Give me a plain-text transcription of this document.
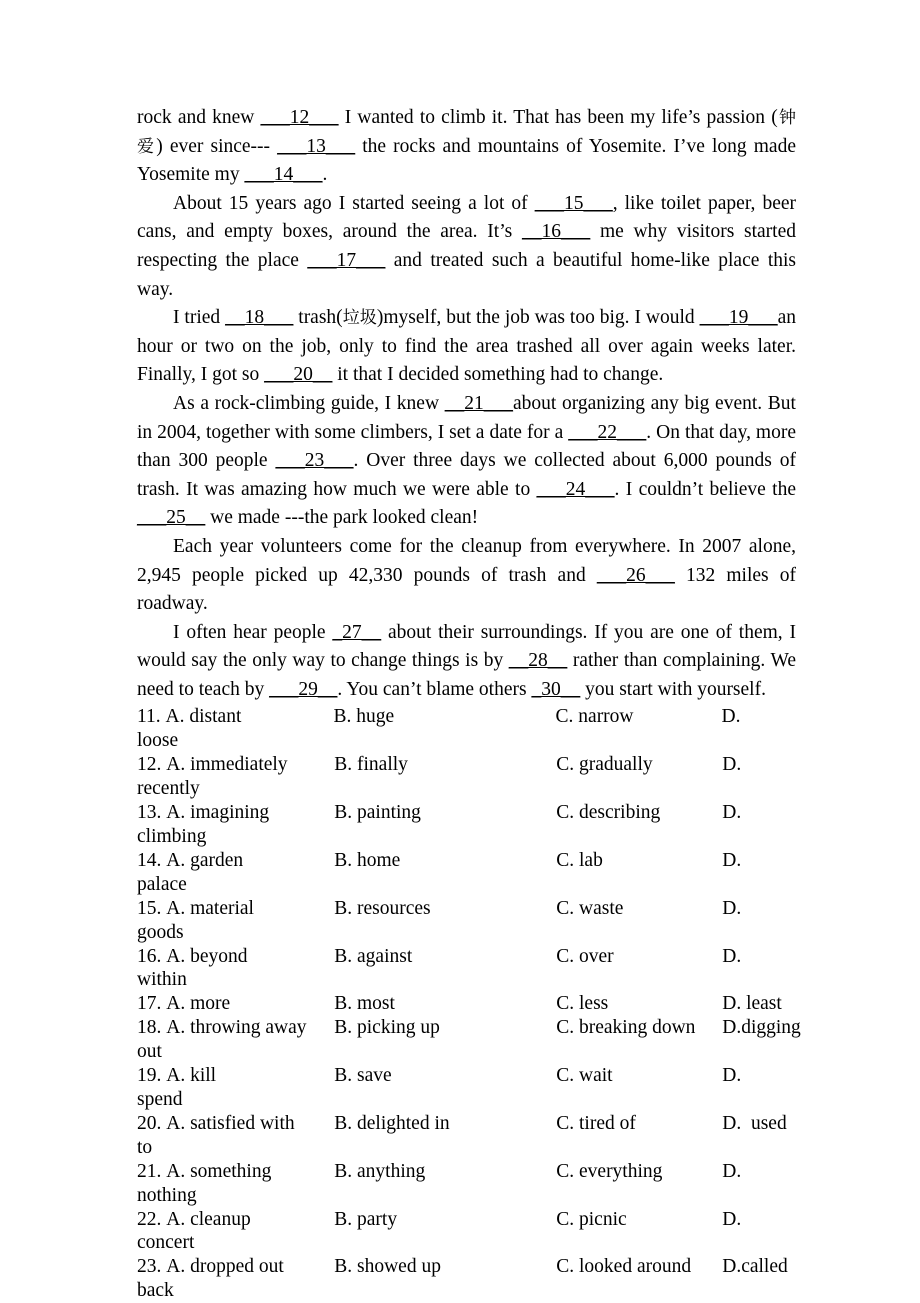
rock and knew ___12___ I wanted to climb it. That has been my life’s passion (钟爱) ever since--- ___13___ the rocks and mountains of Yosemite. I’ve long made Yosemite my ___14___.

About 15 years ago I started seeing a lot of ___15___, like toilet paper, beer cans, and empty boxes, around the area. It’s __16___ me why visitors started respecting the place ___17___ and treated such a beautiful home-like place this way.

I tried __18___ trash(垃圾)myself, but the job was too big. I would ___19___an hour or two on the job, only to find the area trashed all over again weeks later. Finally, I got so ___20__ it that I decided something had to change.

As a rock-climbing guide, I knew __21___about organizing any big event. But in 2004, together with some climbers, I set a date for a ___22___. On that day, more than 300 people ___23___. Over three days we collected about 6,000 pounds of trash. It was amazing how much we were able to ___24___. I couldn’t believe the ___25__ we made ---the park looked clean!

Each year volunteers come for the cleanup from everywhere. In 2007 alone, 2,945 people picked up 42,330 pounds of trash and ___26___ 132 miles of roadway.

I often hear people _27__ about their surroundings. If you are one of them, I would say the only way to change things is by __28__ rather than complaining. We need to teach by ___29__. You can’t blame others _30__ you start with yourself.

11. A. distant	B. huge	C. narrow	D.
loose
12. A. immediately B. finally	C. gradually	D.
recently
13. A. imagining	B. painting	C. describing	D.
climbing
14. A. garden	B. home	C. lab	D.
palace
15. A. material	B. resources	C. waste	D.
goods
16. A. beyond	B. against	C. over	D.
within
17. A. more	B. most	C. less	D. least
18. A. throwing away B. picking up	C. breaking down D.digging
out
19. A. kill	B. save	C. wait	D.
spend
20. A. satisfied with B. delighted in	C. tired of	D.  used
to
21. A. something	B. anything	C. everything	D.
nothing
22. A. cleanup	B. party	C. picnic	D.
concert
23. A. dropped out	B. showed up	C. looked around D.called
back
